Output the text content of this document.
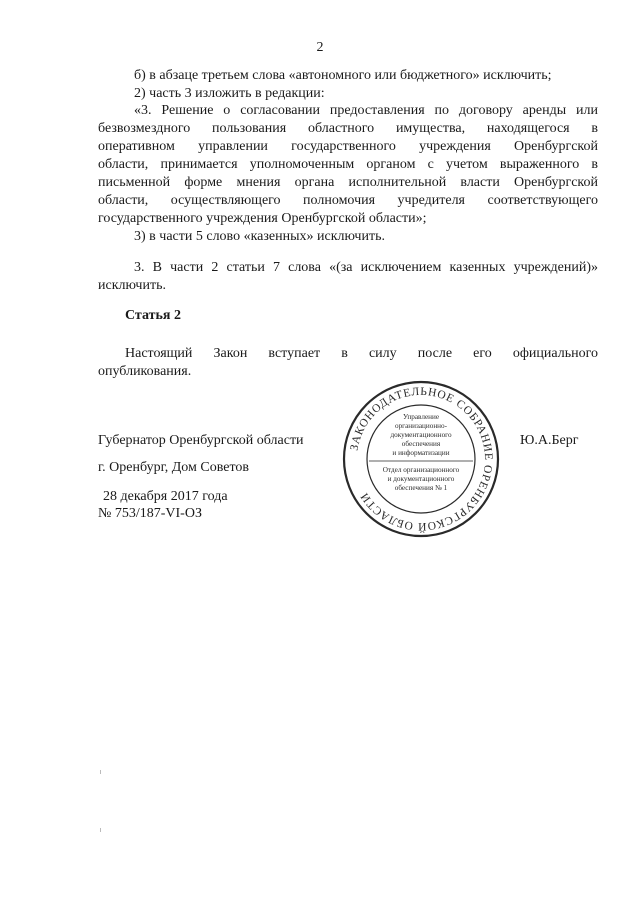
2
б) в абзаце третьем слова «автономного или бюджетного» исключить;
2) часть 3 изложить в редакции:
«3. Решение о согласовании предоставления по договору аренды или
безвозмездного пользования областного имущества, находящегося в
оперативном управлении государственного учреждения Оренбургской
области, принимается уполномоченным органом с учетом выраженного в
письменной форме мнения органа исполнительной власти Оренбургской
области, осуществляющего полномочия учредителя соответствующего
государственного учреждения Оренбургской области»;
3) в части 5 слово «казенных» исключить.
3. В части 2 статьи 7 слова «(за исключением казенных учреждений)»
исключить.
Статья 2
Настоящий Закон вступает в силу после его официального
опубликования.
Губернатор Оренбургской области	Ю.А.Берг
г. Оренбург, Дом Советов
28 декабря 2017 года
№ 753/187-VI-ОЗ
ЗАКОНОДАТЕЛЬНОЕ СОБРАНИЕ ОРЕНБУРГСКОЙ ОБЛАСТИ
Управление
организационно-
документационного
обеспечения
и информатизации
Отдел организационного
и документационного
обеспечения № 1
